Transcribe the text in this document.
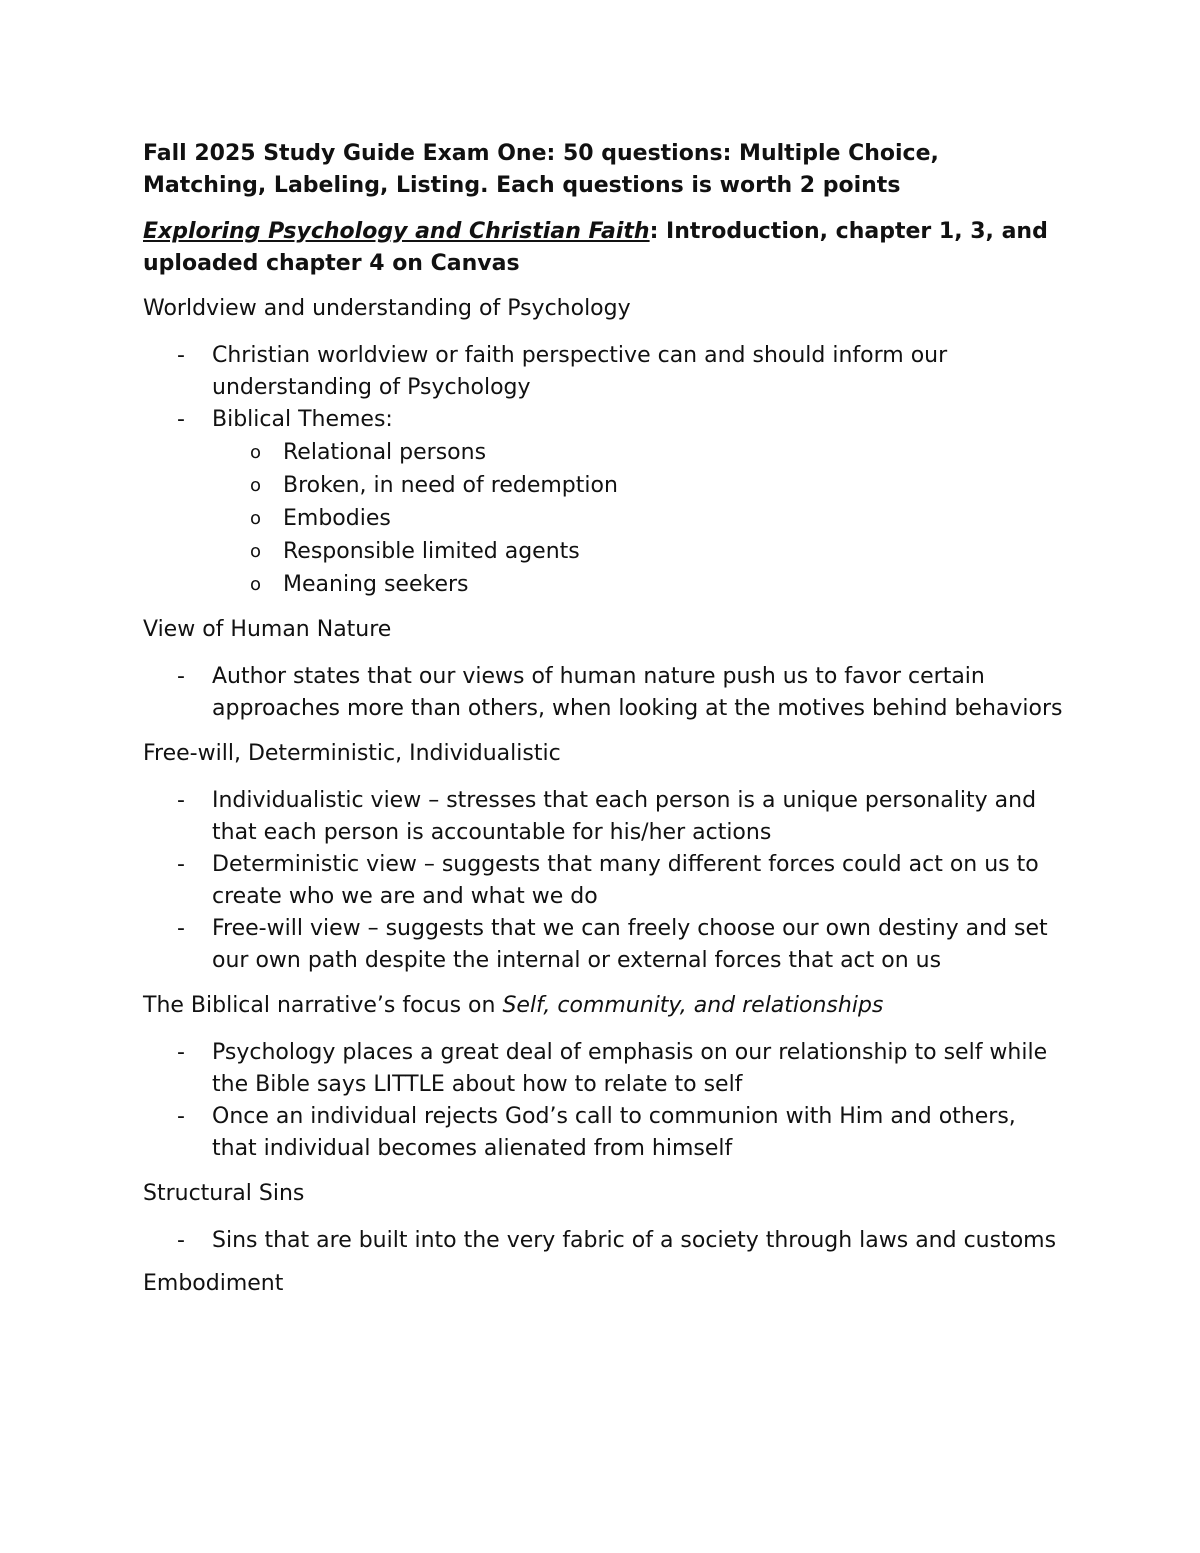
Fall 2025 Study Guide Exam One: 50 questions: Multiple Choice,
Matching, Labeling, Listing. Each questions is worth 2 points

Exploring Psychology and Christian Faith: Introduction, chapter 1, 3, and uploaded chapter 4 on Canvas

Worldview and understanding of Psychology

- Christian worldview or faith perspective can and should inform our understanding of Psychology
- Biblical Themes:
o Relational persons
o Broken, in need of redemption
o Embodies
o Responsible limited agents
o Meaning seekers

View of Human Nature

- Author states that our views of human nature push us to favor certain approaches more than others, when looking at the motives behind behaviors

Free-will, Deterministic, Individualistic

- Individualistic view – stresses that each person is a unique personality and that each person is accountable for his/her actions
- Deterministic view – suggests that many different forces could act on us to create who we are and what we do
- Free-will view – suggests that we can freely choose our own destiny and set our own path despite the internal or external forces that act on us

The Biblical narrative’s focus on Self, community, and relationships

- Psychology places a great deal of emphasis on our relationship to self while the Bible says LITTLE about how to relate to self
- Once an individual rejects God’s call to communion with Him and others, that individual becomes alienated from himself

Structural Sins

- Sins that are built into the very fabric of a society through laws and customs

Embodiment
